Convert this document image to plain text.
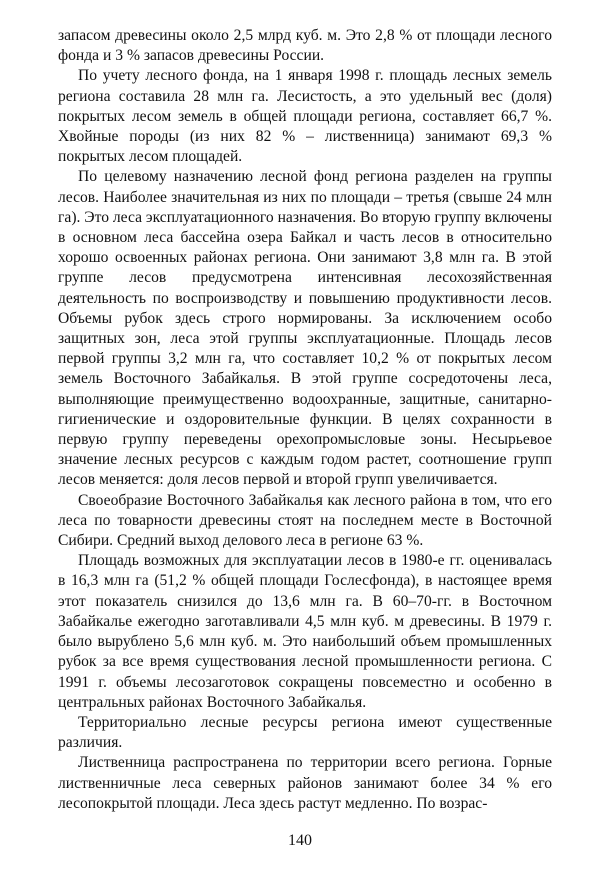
запасом древесины около 2,5 млрд куб. м. Это 2,8 % от площади лесного фонда и 3 % запасов древесины России.

По учету лесного фонда, на 1 января 1998 г. площадь лесных земель региона составила 28 млн га. Лесистость, а это удельный вес (доля) покрытых лесом земель в общей площади региона, составляет 66,7 %. Хвойные породы (из них 82 % – лиственница) занимают 69,3 % покрытых лесом площадей.

По целевому назначению лесной фонд региона разделен на группы лесов. Наиболее значительная из них по площади – третья (свыше 24 млн га). Это леса эксплуатационного назначения. Во вторую группу включены в основном леса бассейна озера Байкал и часть лесов в относительно хорошо освоенных районах региона. Они занимают 3,8 млн га. В этой группе лесов предусмотрена интенсивная лесохозяйственная деятельность по воспроизводству и повышению продуктивности лесов. Объемы рубок здесь строго нормированы. За исключением особо защитных зон, леса этой группы эксплуатационные. Площадь лесов первой группы 3,2 млн га, что составляет 10,2 % от покрытых лесом земель Восточного Забайкалья. В этой группе сосредоточены леса, выполняющие преимущественно водоохранные, защитные, санитарно-гигиенические и оздоровительные функции. В целях сохранности в первую группу переведены орехопромысловые зоны. Несырьевое значение лесных ресурсов с каждым годом растет, соотношение групп лесов меняется: доля лесов первой и второй групп увеличивается.

Своеобразие Восточного Забайкалья как лесного района в том, что его леса по товарности древесины стоят на последнем месте в Восточной Сибири. Средний выход делового леса в регионе 63 %.

Площадь возможных для эксплуатации лесов в 1980-е гг. оценивалась в 16,3 млн га (51,2 % общей площади Гослесфонда), в настоящее время этот показатель снизился до 13,6 млн га. В 60–70-гг. в Восточном Забайкалье ежегодно заготавливали 4,5 млн куб. м древесины. В 1979 г. было вырублено 5,6 млн куб. м. Это наибольший объем промышленных рубок за все время существования лесной промышленности региона. С 1991 г. объемы лесозаготовок сокращены повсеместно и особенно в центральных районах Восточного Забайкалья.

Территориально лесные ресурсы региона имеют существенные различия.

Лиственница распространена по территории всего региона. Горные лиственничные леса северных районов занимают более 34 % его лесопокрытой площади. Леса здесь растут медленно. По возрас-

140
